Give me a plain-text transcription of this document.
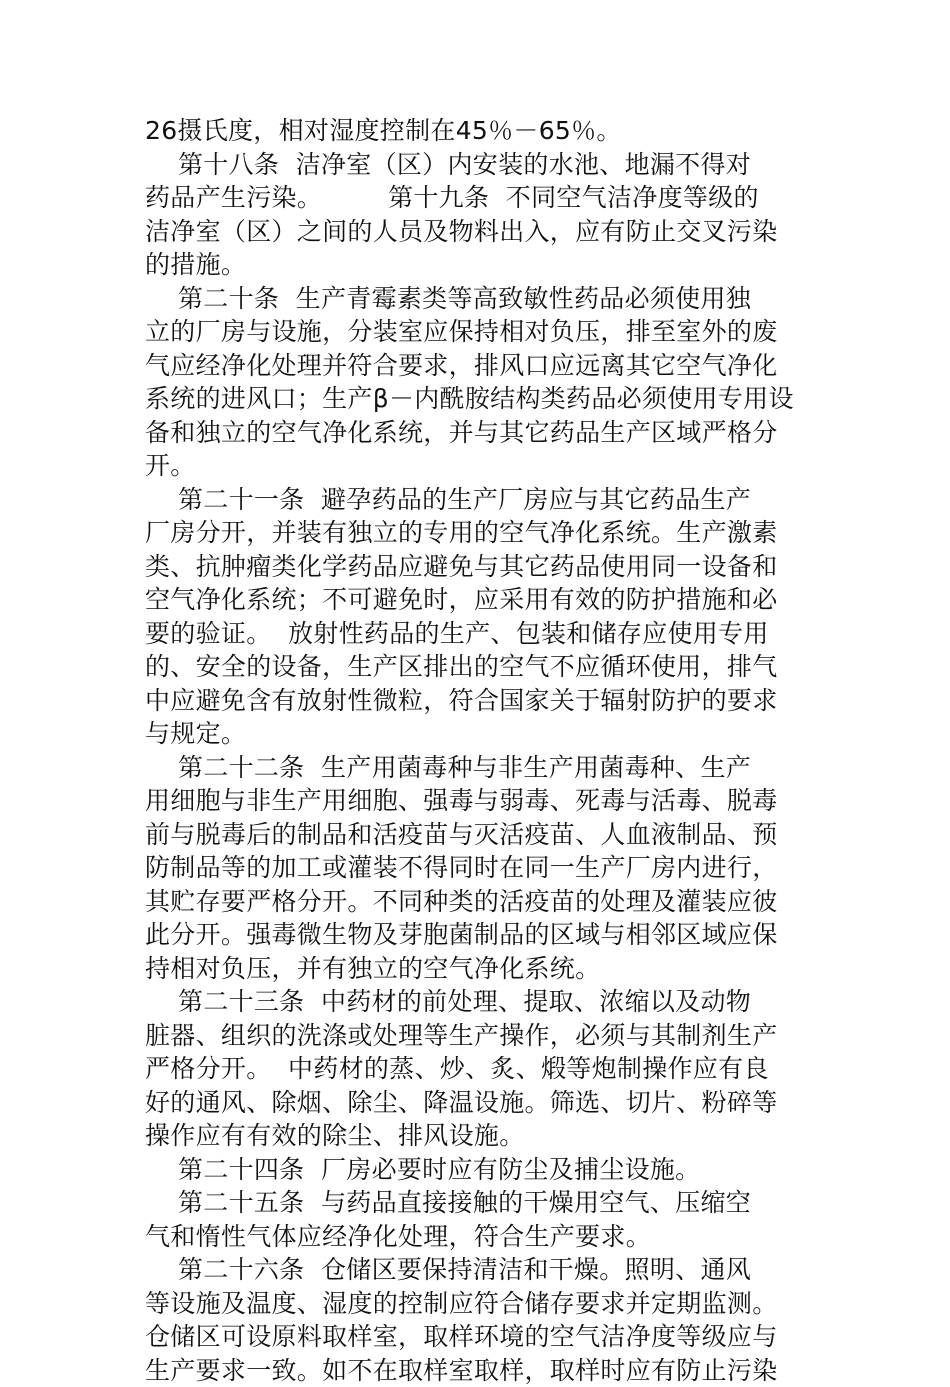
26摄氏度，相对湿度控制在45％－65％。
第十八条  洁净室（区）内安装的水池、地漏不得对
药品产生污染。        第十九条  不同空气洁净度等级的
洁净室（区）之间的人员及物料出入，应有防止交叉污染
的措施。
第二十条  生产青霉素类等高致敏性药品必须使用独
立的厂房与设施，分装室应保持相对负压，排至室外的废
气应经净化处理并符合要求，排风口应远离其它空气净化
系统的进风口；生产β－内酰胺结构类药品必须使用专用设
备和独立的空气净化系统，并与其它药品生产区域严格分
开。
第二十一条  避孕药品的生产厂房应与其它药品生产
厂房分开，并装有独立的专用的空气净化系统。生产激素
类、抗肿瘤类化学药品应避免与其它药品使用同一设备和
空气净化系统；不可避免时，应采用有效的防护措施和必
要的验证。  放射性药品的生产、包装和储存应使用专用
的、安全的设备，生产区排出的空气不应循环使用，排气
中应避免含有放射性微粒，符合国家关于辐射防护的要求
与规定。
第二十二条  生产用菌毒种与非生产用菌毒种、生产
用细胞与非生产用细胞、强毒与弱毒、死毒与活毒、脱毒
前与脱毒后的制品和活疫苗与灭活疫苗、人血液制品、预
防制品等的加工或灌装不得同时在同一生产厂房内进行，
其贮存要严格分开。不同种类的活疫苗的处理及灌装应彼
此分开。强毒微生物及芽胞菌制品的区域与相邻区域应保
持相对负压，并有独立的空气净化系统。
第二十三条  中药材的前处理、提取、浓缩以及动物
脏器、组织的洗涤或处理等生产操作，必须与其制剂生产
严格分开。  中药材的蒸、炒、炙、煅等炮制操作应有良
好的通风、除烟、除尘、降温设施。筛选、切片、粉碎等
操作应有有效的除尘、排风设施。
第二十四条  厂房必要时应有防尘及捕尘设施。
第二十五条  与药品直接接触的干燥用空气、压缩空
气和惰性气体应经净化处理，符合生产要求。
第二十六条  仓储区要保持清洁和干燥。照明、通风
等设施及温度、湿度的控制应符合储存要求并定期监测。
仓储区可设原料取样室，取样环境的空气洁净度等级应与
生产要求一致。如不在取样室取样，取样时应有防止污染
